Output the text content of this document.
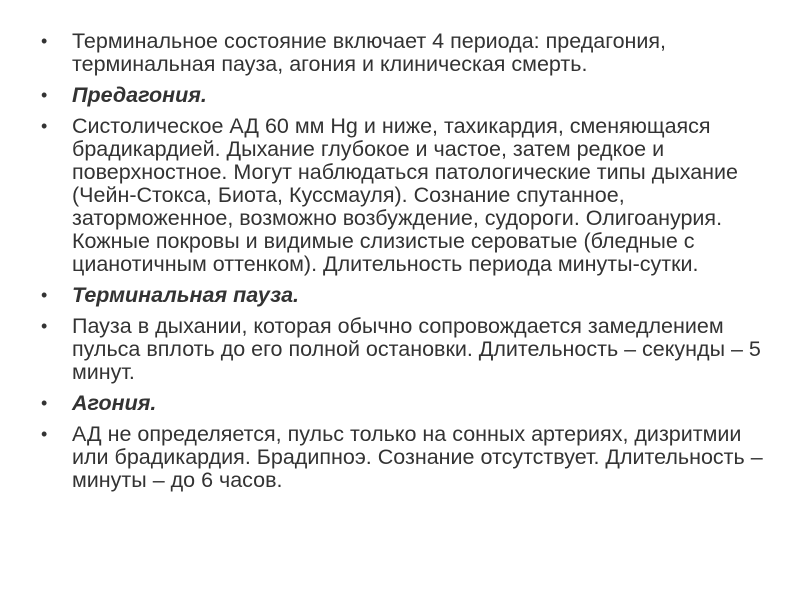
• Терминальное состояние включает 4 периода: предагония, терминальная пауза, агония и клиническая смерть.
• Предагония.
• Систолическое АД 60 мм Hg и ниже, тахикардия, сменяющаяся брадикардией. Дыхание глубокое и частое, затем редкое и поверхностное. Могут наблюдаться патологические типы дыхание (Чейн-Стокса, Биота, Куссмауля). Сознание спутанное, заторможенное, возможно возбуждение, судороги. Олигоанурия. Кожные покровы и видимые слизистые сероватые (бледные с цианотичным оттенком). Длительность периода минуты-сутки.
• Терминальная пауза.
• Пауза в дыхании, которая обычно сопровождается замедлением пульса вплоть до его полной остановки. Длительность – секунды – 5 минут.
• Агония.
• АД не определяется, пульс только на сонных артериях, дизритмии или брадикардия. Брадипноэ. Сознание отсутствует. Длительность – минуты – до 6 часов.
